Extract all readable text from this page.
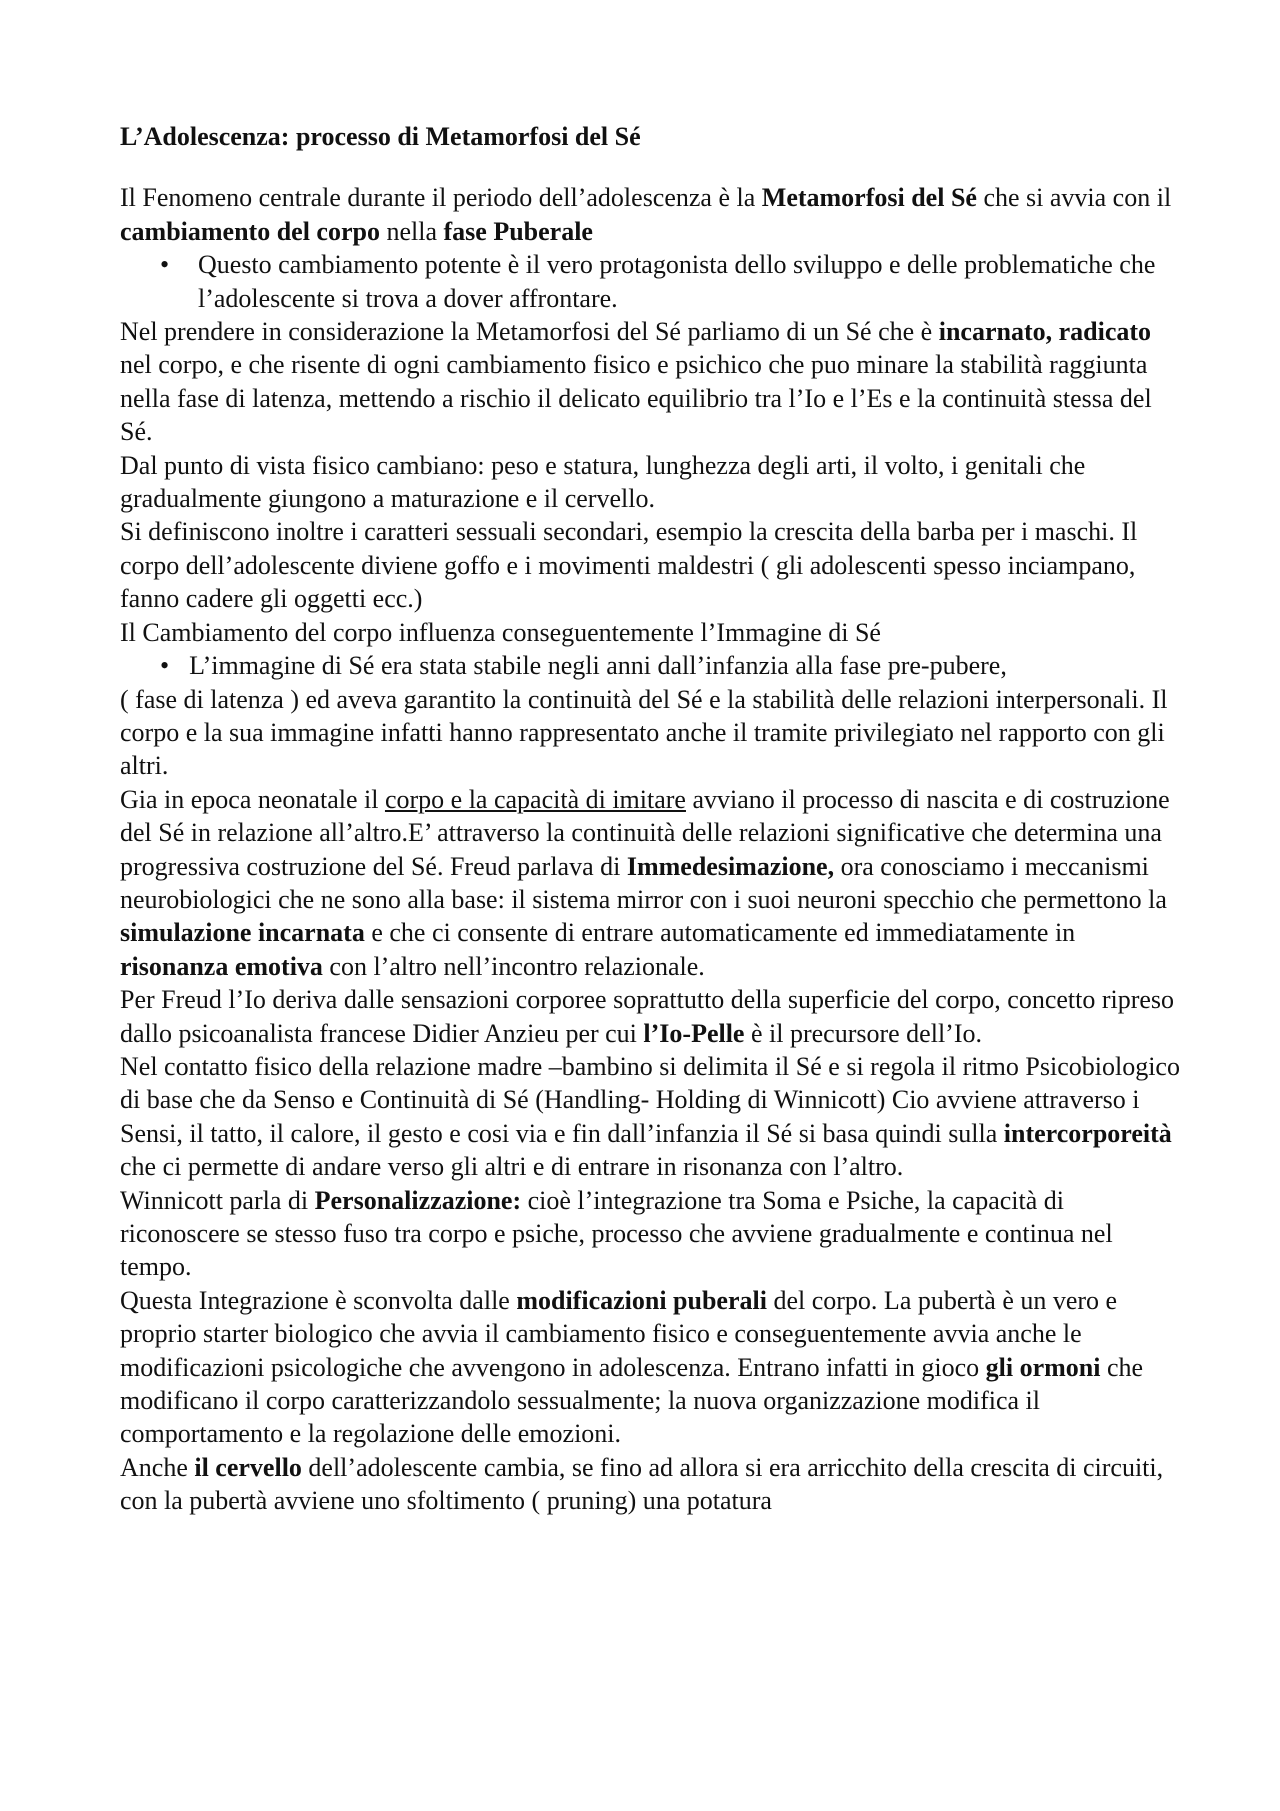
L’Adolescenza: processo di Metamorfosi del Sé

Il Fenomeno centrale durante il periodo dell’adolescenza è la Metamorfosi del Sé che si avvia con il cambiamento del corpo nella fase Puberale

• Questo cambiamento potente è il vero protagonista dello sviluppo e delle problematiche che l’adolescente si trova a dover affrontare.

Nel prendere in considerazione la Metamorfosi del Sé parliamo di un Sé che è incarnato, radicato nel corpo, e che risente di ogni cambiamento fisico e psichico che puo minare la stabilità raggiunta nella fase di latenza, mettendo a rischio il delicato equilibrio tra l’Io e l’Es e la continuità stessa del Sé.

Dal punto di vista fisico cambiano: peso e statura, lunghezza degli arti, il volto, i genitali che gradualmente giungono a maturazione e il cervello.

Si definiscono inoltre i caratteri sessuali secondari, esempio la crescita della barba per i maschi. Il corpo dell’adolescente diviene goffo e i movimenti maldestri ( gli adolescenti spesso inciampano, fanno cadere gli oggetti ecc.)

Il Cambiamento del corpo influenza conseguentemente l’Immagine di Sé

• L’immagine di Sé era stata stabile negli anni dall’infanzia alla fase pre-pubere,
( fase di latenza ) ed aveva garantito la continuità del Sé e la stabilità delle relazioni interpersonali. Il corpo e la sua immagine infatti hanno rappresentato anche il tramite privilegiato nel rapporto con gli altri.

Gia in epoca neonatale il corpo e la capacità di imitare avviano il processo di nascita e di costruzione del Sé in relazione all’altro.E’ attraverso la continuità delle relazioni significative che determina una progressiva costruzione del Sé. Freud parlava di Immedesimazione, ora conosciamo i meccanismi neurobiologici che ne sono alla base: il sistema mirror con i suoi neuroni specchio che permettono la simulazione incarnata e che ci consente di entrare automaticamente ed immediatamente in risonanza emotiva con l’altro nell’incontro relazionale.

Per Freud l’Io deriva dalle sensazioni corporee soprattutto della superficie del corpo, concetto ripreso dallo psicoanalista francese Didier Anzieu per cui l’Io-Pelle è il precursore dell’Io.

Nel contatto fisico della relazione madre –bambino si delimita il Sé e si regola il ritmo Psicobiologico di base che da Senso e Continuità di Sé (Handling- Holding di Winnicott) Cio avviene attraverso i Sensi, il tatto, il calore, il gesto e cosi via e fin dall’infanzia il Sé si basa quindi sulla intercorporeità che ci permette di andare verso gli altri e di entrare in risonanza con l’altro.

Winnicott parla di Personalizzazione: cioè l’integrazione tra Soma e Psiche, la capacità di riconoscere se stesso fuso tra corpo e psiche, processo che avviene gradualmente e continua nel tempo.

Questa Integrazione è sconvolta dalle modificazioni puberali del corpo. La pubertà è un vero e proprio starter biologico che avvia il cambiamento fisico e conseguentemente avvia anche le modificazioni psicologiche che avvengono in adolescenza. Entrano infatti in gioco gli ormoni che modificano il corpo caratterizzandolo sessualmente; la nuova organizzazione modifica il comportamento e la regolazione delle emozioni.

Anche il cervello dell’adolescente cambia, se fino ad allora si era arricchito della crescita di circuiti, con la pubertà avviene uno sfoltimento ( pruning) una potatura
